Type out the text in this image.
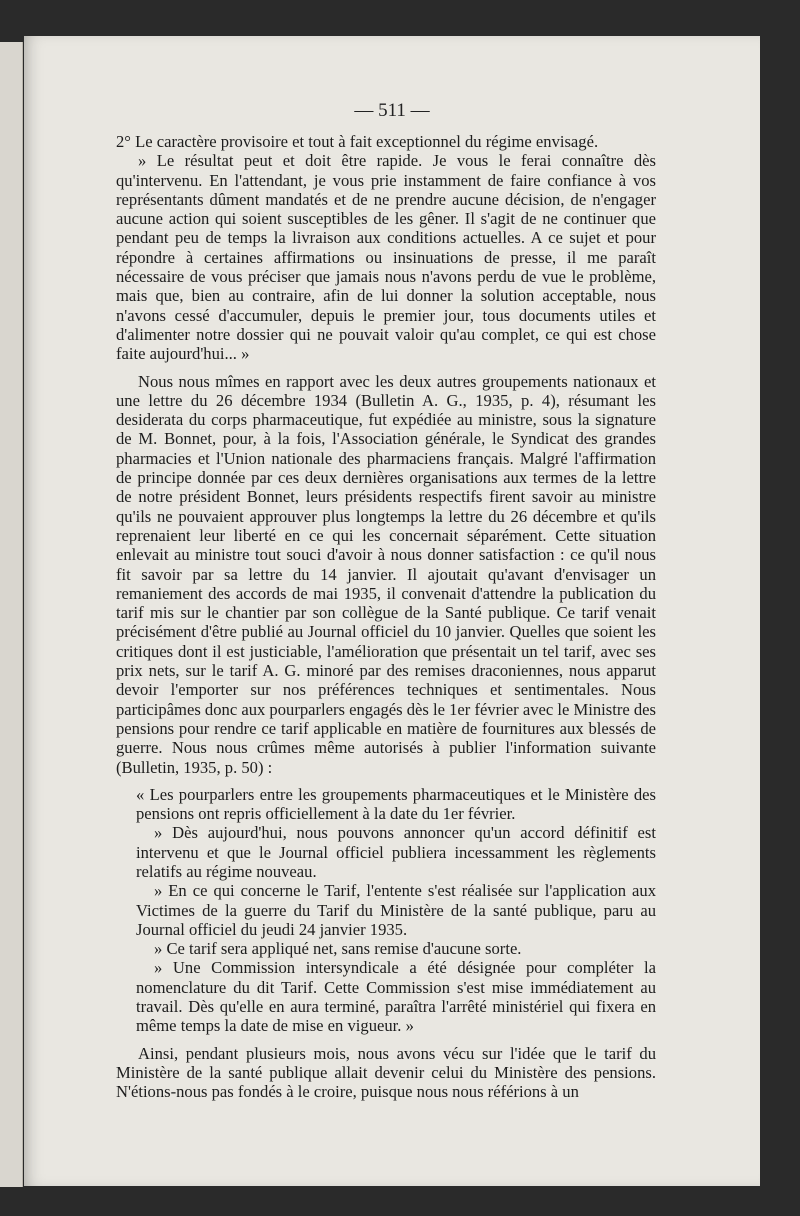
— 511 —

2° Le caractère provisoire et tout à fait exceptionnel du régime envisagé.

» Le résultat peut et doit être rapide. Je vous le ferai connaître dès qu'intervenu. En l'attendant, je vous prie instamment de faire confiance à vos représentants dûment mandatés et de ne prendre aucune décision, de n'engager aucune action qui soient susceptibles de les gêner. Il s'agit de ne continuer que pendant peu de temps la livraison aux conditions actuelles. A ce sujet et pour répondre à certaines affirmations ou insinuations de presse, il me paraît nécessaire de vous préciser que jamais nous n'avons perdu de vue le problème, mais que, bien au contraire, afin de lui donner la solution acceptable, nous n'avons cessé d'accumuler, depuis le premier jour, tous documents utiles et d'alimenter notre dossier qui ne pouvait valoir qu'au complet, ce qui est chose faite aujourd'hui... »

Nous nous mîmes en rapport avec les deux autres groupements nationaux et une lettre du 26 décembre 1934 (Bulletin A. G., 1935, p. 4), résumant les desiderata du corps pharmaceutique, fut expédiée au ministre, sous la signature de M. Bonnet, pour, à la fois, l'Association générale, le Syndicat des grandes pharmacies et l'Union nationale des pharmaciens français. Malgré l'affirmation de principe donnée par ces deux dernières organisations aux termes de la lettre de notre président Bonnet, leurs présidents respectifs firent savoir au ministre qu'ils ne pouvaient approuver plus longtemps la lettre du 26 décembre et qu'ils reprenaient leur liberté en ce qui les concernait séparément. Cette situation enlevait au ministre tout souci d'avoir à nous donner satisfaction : ce qu'il nous fit savoir par sa lettre du 14 janvier. Il ajoutait qu'avant d'envisager un remaniement des accords de mai 1935, il convenait d'attendre la publication du tarif mis sur le chantier par son collègue de la Santé publique. Ce tarif venait précisément d'être publié au Journal officiel du 10 janvier. Quelles que soient les critiques dont il est justiciable, l'amélioration que présentait un tel tarif, avec ses prix nets, sur le tarif A. G. minoré par des remises draconiennes, nous apparut devoir l'emporter sur nos préférences techniques et sentimentales. Nous participâmes donc aux pourparlers engagés dès le 1er février avec le Ministre des pensions pour rendre ce tarif applicable en matière de fournitures aux blessés de guerre. Nous nous crûmes même autorisés à publier l'information suivante (Bulletin, 1935, p. 50) :

« Les pourparlers entre les groupements pharmaceutiques et le Ministère des pensions ont repris officiellement à la date du 1er février.

» Dès aujourd'hui, nous pouvons annoncer qu'un accord définitif est intervenu et que le Journal officiel publiera incessamment les règlements relatifs au régime nouveau.

» En ce qui concerne le Tarif, l'entente s'est réalisée sur l'application aux Victimes de la guerre du Tarif du Ministère de la santé publique, paru au Journal officiel du jeudi 24 janvier 1935.

» Ce tarif sera appliqué net, sans remise d'aucune sorte.

» Une Commission intersyndicale a été désignée pour compléter la nomenclature du dit Tarif. Cette Commission s'est mise immédiatement au travail. Dès qu'elle en aura terminé, paraîtra l'arrêté ministériel qui fixera en même temps la date de mise en vigueur. »

Ainsi, pendant plusieurs mois, nous avons vécu sur l'idée que le tarif du Ministère de la santé publique allait devenir celui du Ministère des pensions. N'étions-nous pas fondés à le croire, puisque nous nous référions à un
